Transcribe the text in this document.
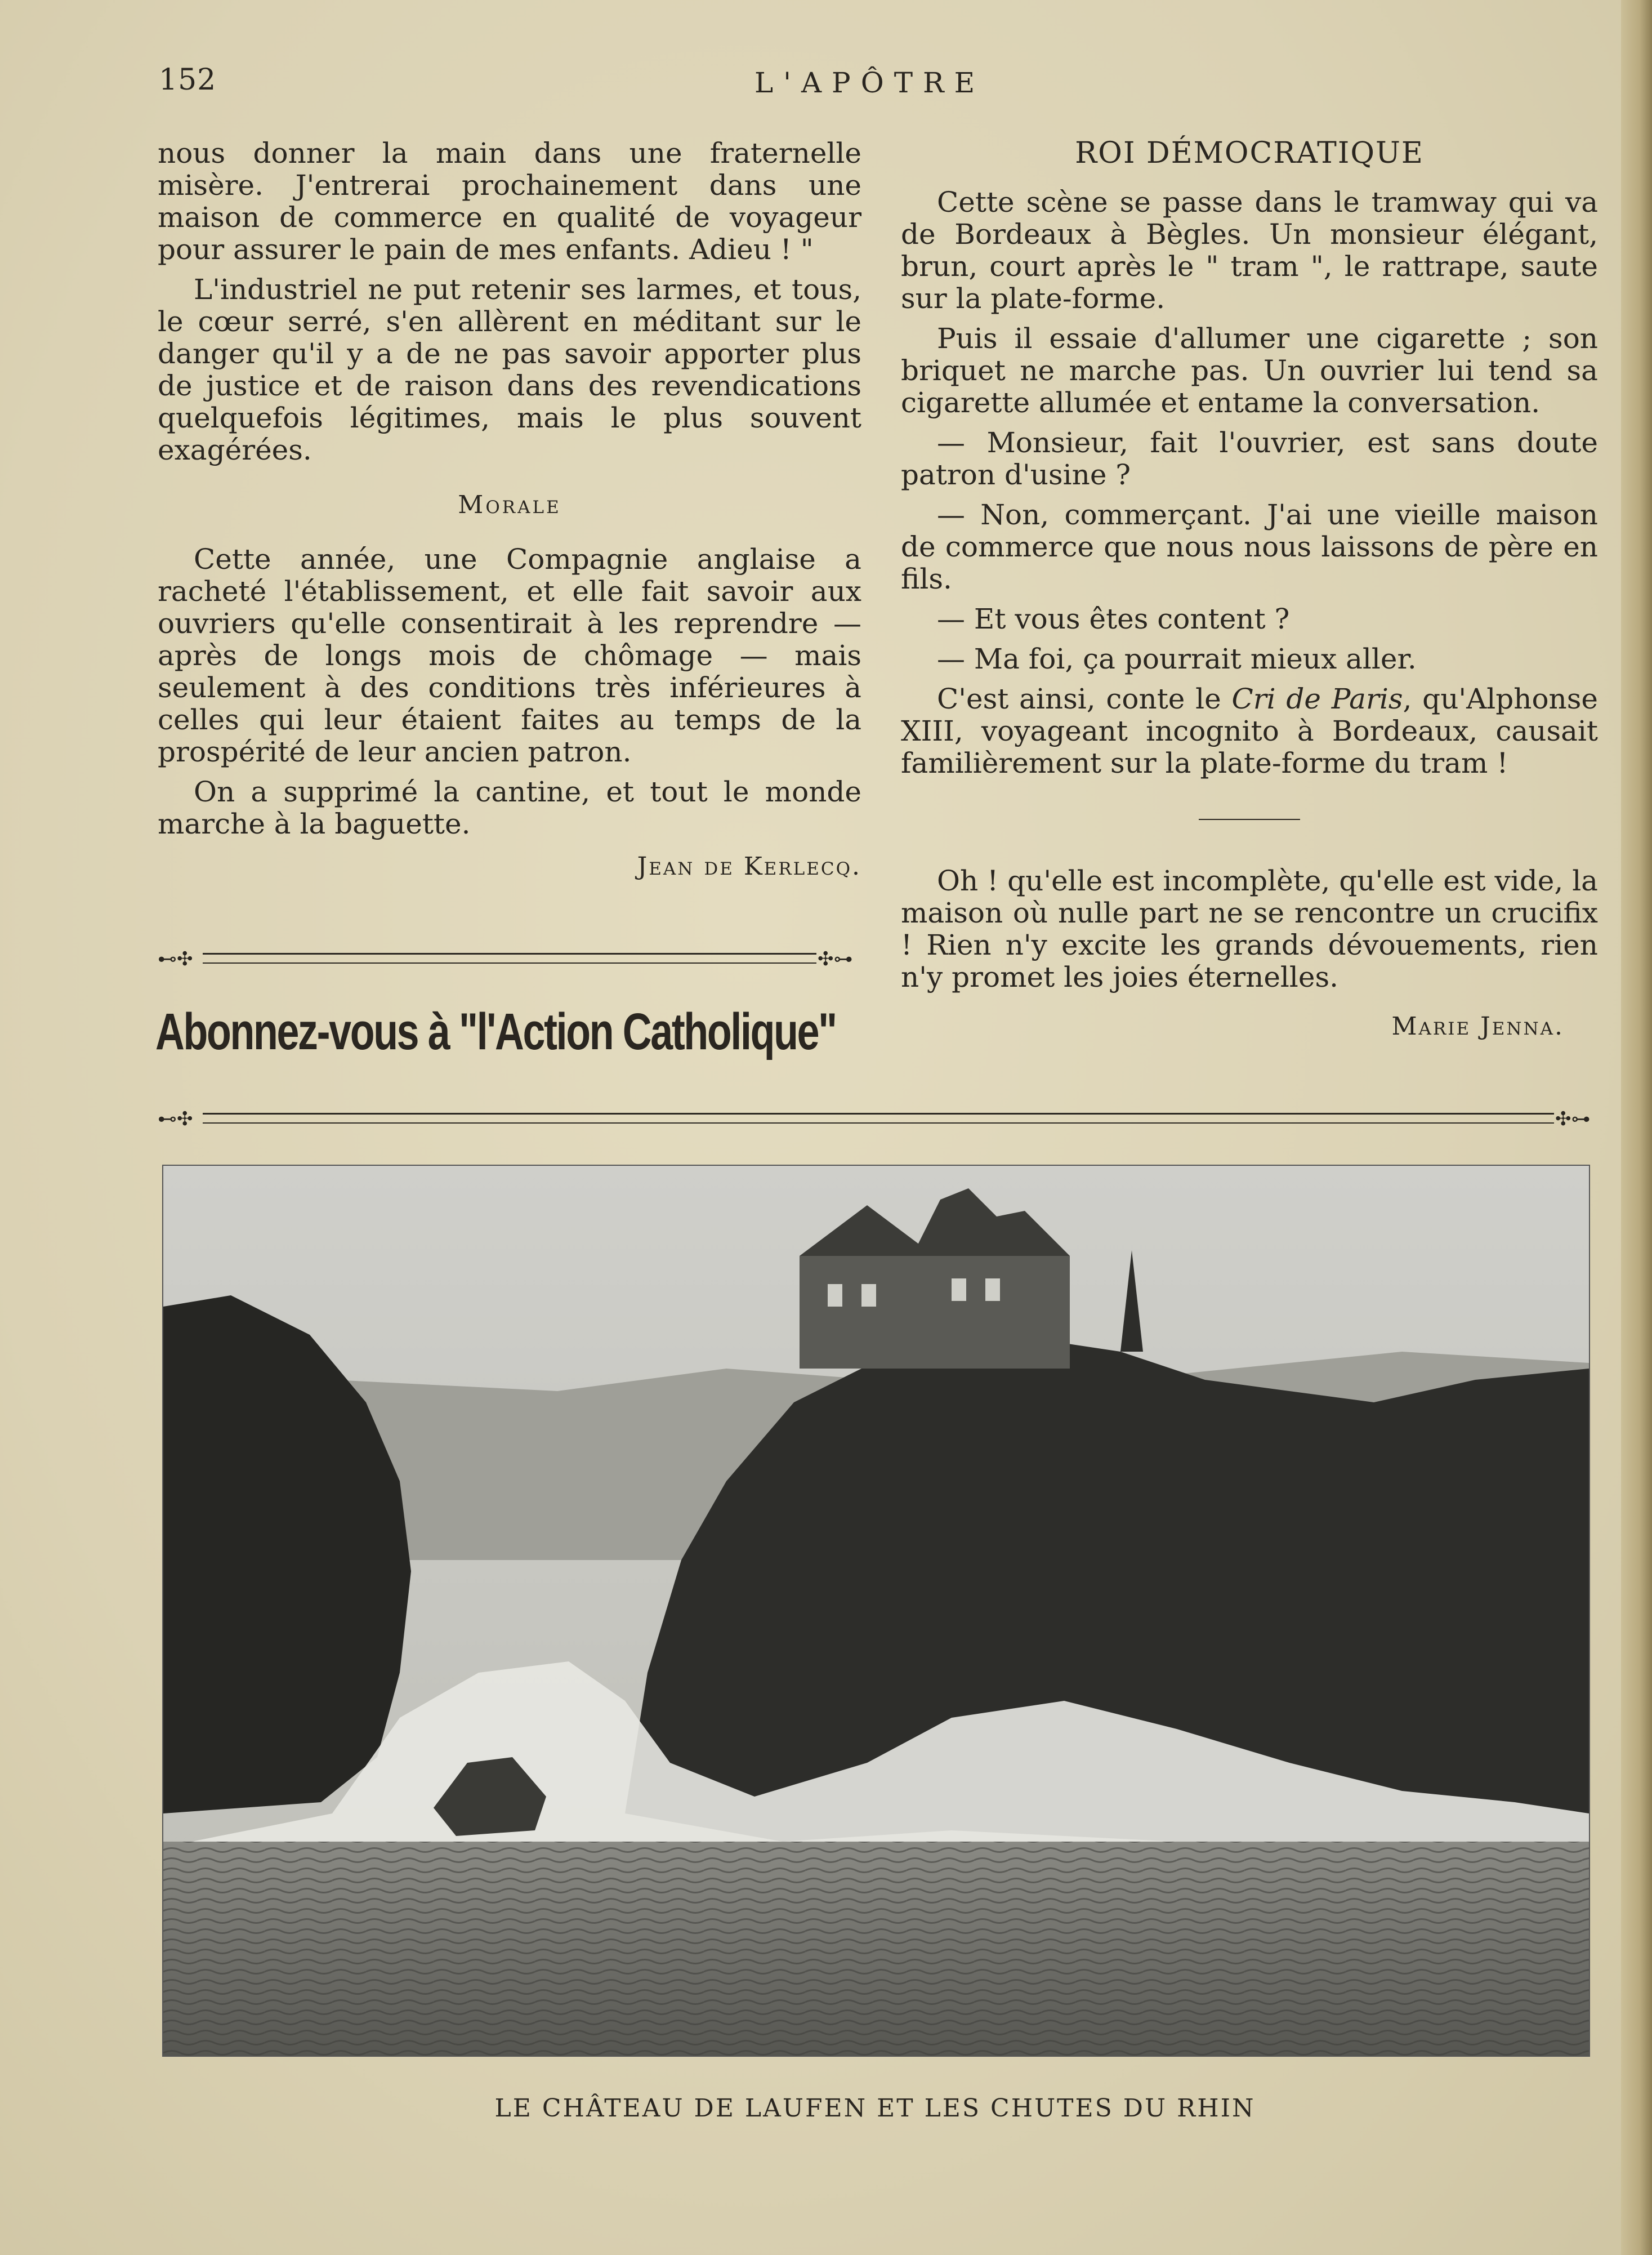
152	L'APÔTRE

nous donner la main dans une fraternelle misère. J'entrerai prochainement dans une maison de commerce en qualité de voyageur pour assurer le pain de mes enfants. Adieu ! "

L'industriel ne put retenir ses larmes, et tous, le cœur serré, s'en allèrent en méditant sur le danger qu'il y a de ne pas savoir apporter plus de justice et de raison dans des revendications quelquefois légitimes, mais le plus souvent exagérées.

Morale

Cette année, une Compagnie anglaise a racheté l'établissement, et elle fait savoir aux ouvriers qu'elle consentirait à les reprendre — après de longs mois de chômage — mais seulement à des conditions très inférieures à celles qui leur étaient faites au temps de la prospérité de leur ancien patron.

On a supprimé la cantine, et tout le monde marche à la baguette.

Jean de Kerlecq.
⊷✣	✣⊶
Abonnez-vous à "l'Action Catholique"
ROI DÉMOCRATIQUE

Cette scène se passe dans le tramway qui va de Bordeaux à Bègles. Un monsieur élégant, brun, court après le " tram ", le rattrape, saute sur la plate-forme.

Puis il essaie d'allumer une cigarette ; son briquet ne marche pas. Un ouvrier lui tend sa cigarette allumée et entame la conversation.

— Monsieur, fait l'ouvrier, est sans doute patron d'usine ?

— Non, commerçant. J'ai une vieille maison de commerce que nous nous laissons de père en fils.

— Et vous êtes content ?

— Ma foi, ça pourrait mieux aller.

C'est ainsi, conte le Cri de Paris, qu'Alphonse XIII, voyageant incognito à Bordeaux, causait familièrement sur la plate-forme du tram !

Oh ! qu'elle est incomplète, qu'elle est vide, la maison où nulle part ne se rencontre un crucifix ! Rien n'y excite les grands dévouements, rien n'y promet les joies éternelles.

Marie Jenna.
⊷✣	✣⊶
LE CHÂTEAU DE LAUFEN ET LES CHUTES DU RHIN
